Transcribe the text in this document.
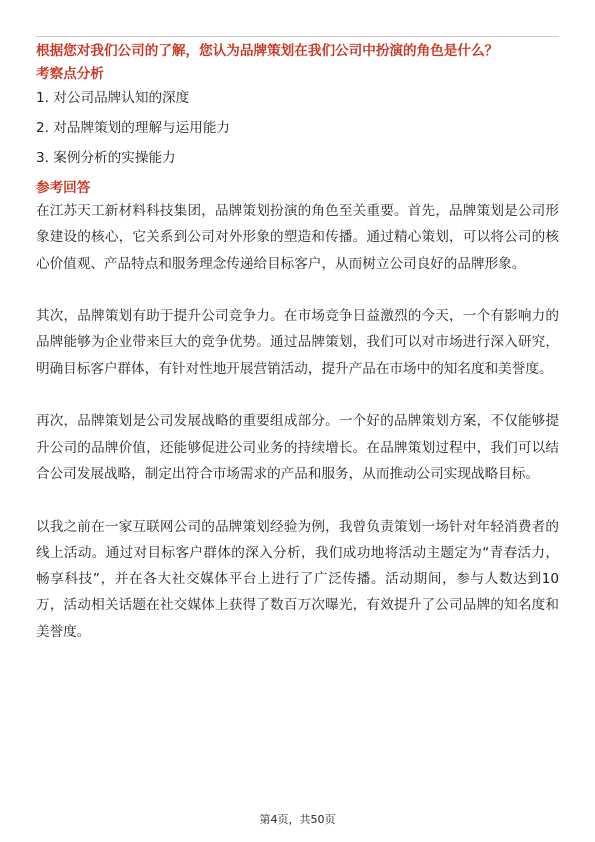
根据您对我们公司的了解，您认为品牌策划在我们公司中扮演的角色是什么？

考察点分析

1. 对公司品牌认知的深度
2. 对品牌策划的理解与运用能力
3. 案例分析的实操能力

参考回答

在江苏天工新材料科技集团，品牌策划扮演的角色至关重要。首先，品牌策划是公司形象建设的核心，它关系到公司对外形象的塑造和传播。通过精心策划，可以将公司的核心价值观、产品特点和服务理念传递给目标客户，从而树立公司良好的品牌形象。

其次，品牌策划有助于提升公司竞争力。在市场竞争日益激烈的今天，一个有影响力的品牌能够为企业带来巨大的竞争优势。通过品牌策划，我们可以对市场进行深入研究，明确目标客户群体，有针对性地开展营销活动，提升产品在市场中的知名度和美誉度。

再次，品牌策划是公司发展战略的重要组成部分。一个好的品牌策划方案，不仅能够提升公司的品牌价值，还能够促进公司业务的持续增长。在品牌策划过程中，我们可以结合公司发展战略，制定出符合市场需求的产品和服务，从而推动公司实现战略目标。

以我之前在一家互联网公司的品牌策划经验为例，我曾负责策划一场针对年轻消费者的线上活动。通过对目标客户群体的深入分析，我们成功地将活动主题定为“青春活力，畅享科技”，并在各大社交媒体平台上进行了广泛传播。活动期间，参与人数达到10万，活动相关话题在社交媒体上获得了数百万次曝光，有效提升了公司品牌的知名度和美誉度。

第4页，共50页
